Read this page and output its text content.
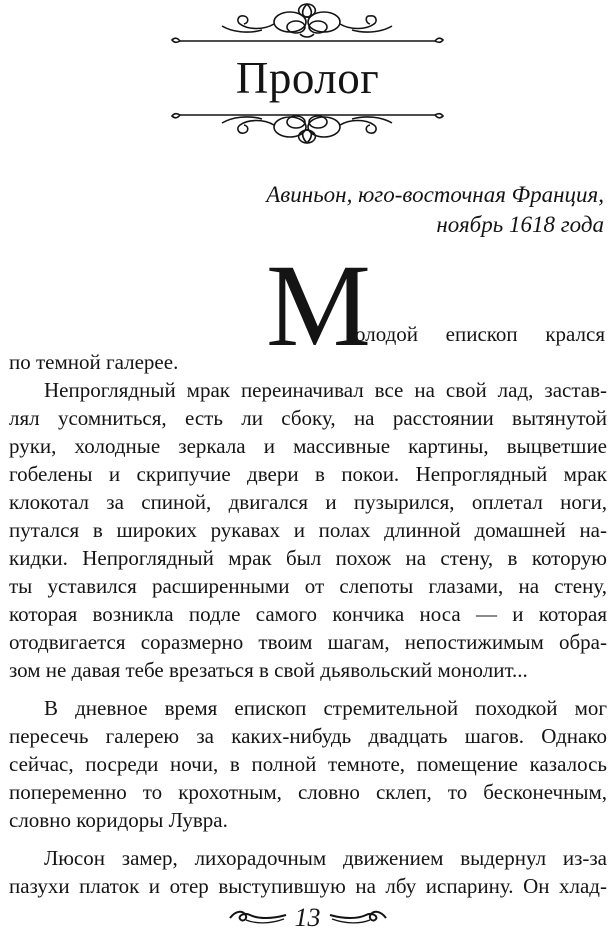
Пролог
Авиньон, юго-восточная Франция,
ноябрь 1618 года
М
олодой епископ крался
по темной галерее.
Непроглядный мрак переиначивал все на свой лад, застав-
лял усомниться, есть ли сбоку, на расстоянии вытянутой
руки, холодные зеркала и массивные картины, выцветшие
гобелены и скрипучие двери в покои. Непроглядный мрак
клокотал за спиной, двигался и пузырился, оплетал ноги,
путался в широких рукавах и полах длинной домашней на-
кидки. Непроглядный мрак был похож на стену, в которую
ты уставился расширенными от слепоты глазами, на стену,
которая возникла подле самого кончика носа — и которая
отодвигается соразмерно твоим шагам, непостижимым обра-
зом не давая тебе врезаться в свой дьявольский монолит...
В дневное время епископ стремительной походкой мог
пересечь галерею за каких-нибудь двадцать шагов. Однако
сейчас, посреди ночи, в полной темноте, помещение казалось
попеременно то крохотным, словно склеп, то бесконечным,
словно коридоры Лувра.
Люсон замер, лихорадочным движением выдернул из-за
пазухи платок и отер выступившую на лбу испарину. Он хлад-
13
